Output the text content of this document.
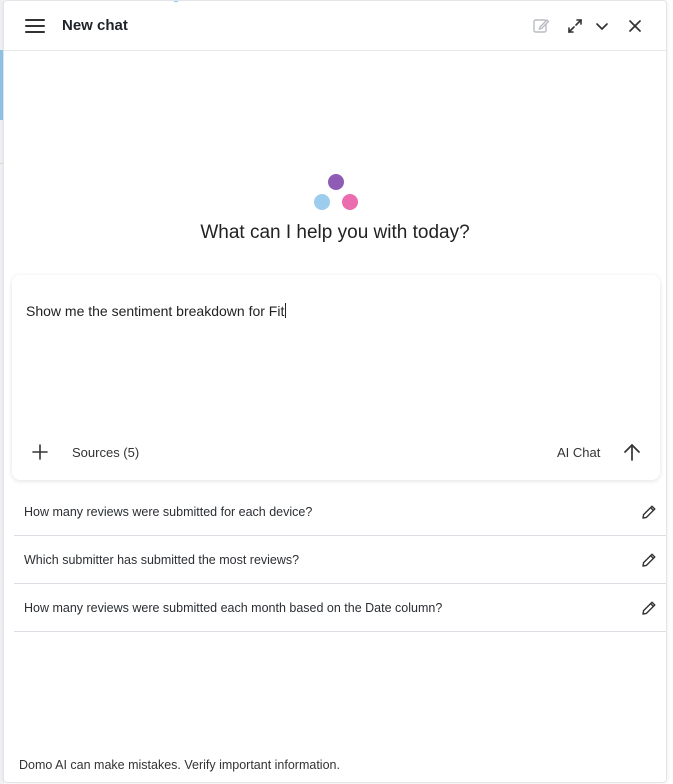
New chat
What can I help you with today?
Show me the sentiment breakdown for Fit
Sources (5)	AI Chat
How many reviews were submitted for each device?
Which submitter has submitted the most reviews?
How many reviews were submitted each month based on the Date column?
Domo AI can make mistakes. Verify important information.
